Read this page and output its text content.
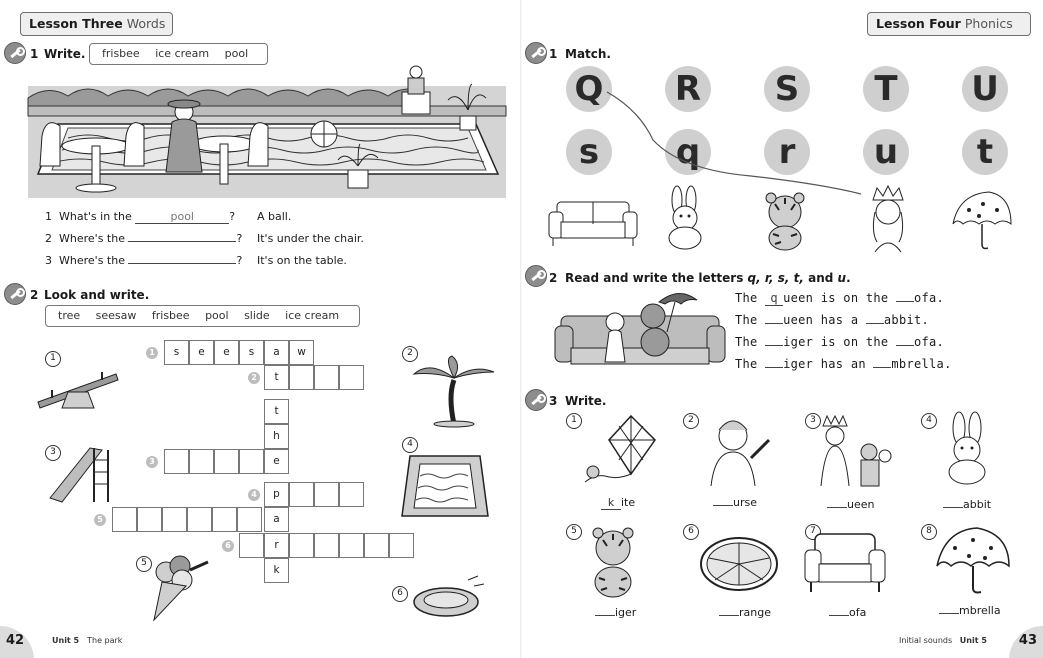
Lesson Three Words
1 Write.	frisbee ice cream pool
1 What's in the	pool	? A ball.
2 Where's the	? It's under the chair.
3 Where's the	? It's on the table.
2 Look and write.
tree seesaw frisbee pool slide ice cream
1	s	e	e	s	a	w
2	t
t
h
3	e
4	p
5	a
6	r
k
1
3
5
2
4
6
42	Unit 5 The park
Lesson Four Phonics
1 Match.
Q R	S	T	U
s	q	r	u	t
2 Read and write the letters q, r, s, t, and u.
The q ueen is on the ofa.
The ueen has a abbit.
The iger is on the ofa.
The iger has an mbrella.
3 Write.
1
k ite
2
urse
3
ueen
4
abbit
5
iger
6
range
7
ofa
8
mbrella
Initial sounds Unit 5	43
